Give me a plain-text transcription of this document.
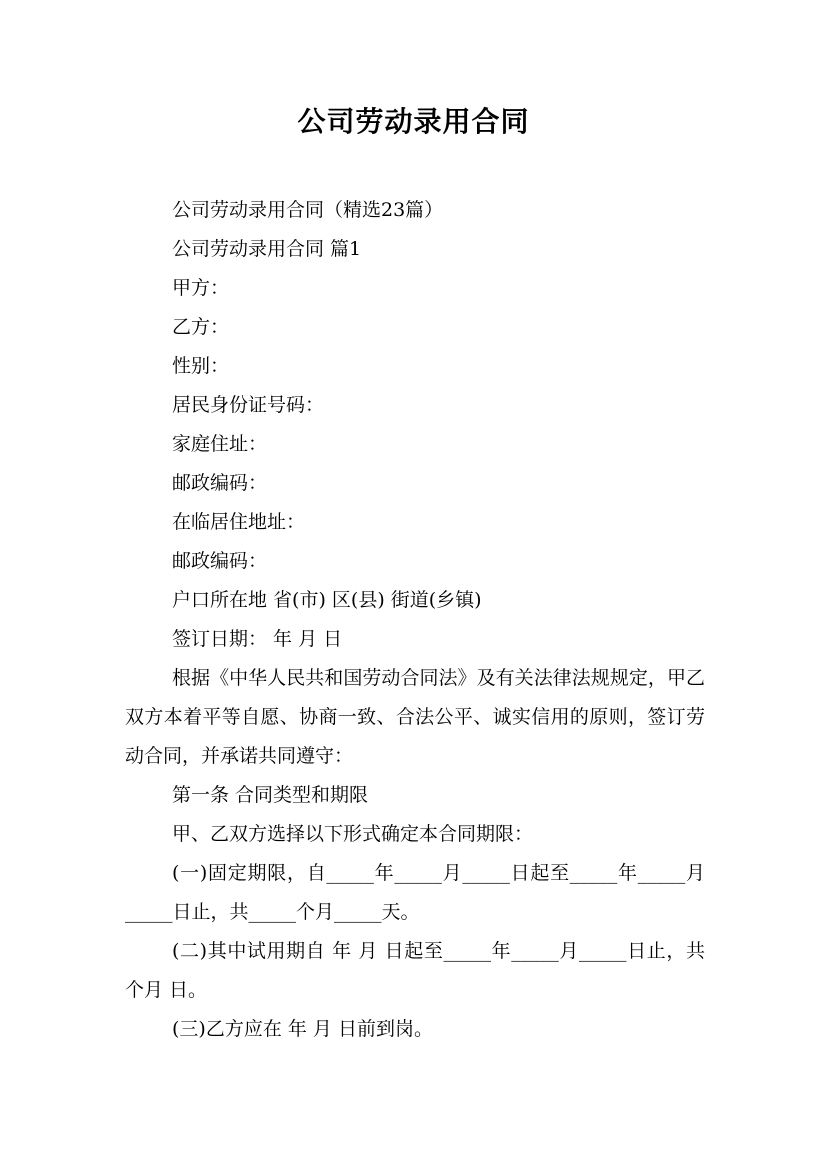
公司劳动录用合同

公司劳动录用合同（精选23篇）

公司劳动录用合同 篇1

甲方：

乙方：

性别：

居民身份证号码：

家庭住址：

邮政编码：

在临居住地址：

邮政编码：

户口所在地 省(市) 区(县) 街道(乡镇)

签订日期： 年 月 日

根据《中华人民共和国劳动合同法》及有关法律法规规定，甲乙双方本着平等自愿、协商一致、合法公平、诚实信用的原则，签订劳动合同，并承诺共同遵守：

第一条 合同类型和期限

甲、乙双方选择以下形式确定本合同期限：

(一)固定期限，自_____年_____月_____日起至_____年_____月_____日止，共_____个月_____天。

(二)其中试用期自 年 月 日起至_____年_____月_____日止，共 个月 日。

(三)乙方应在 年 月 日前到岗。
